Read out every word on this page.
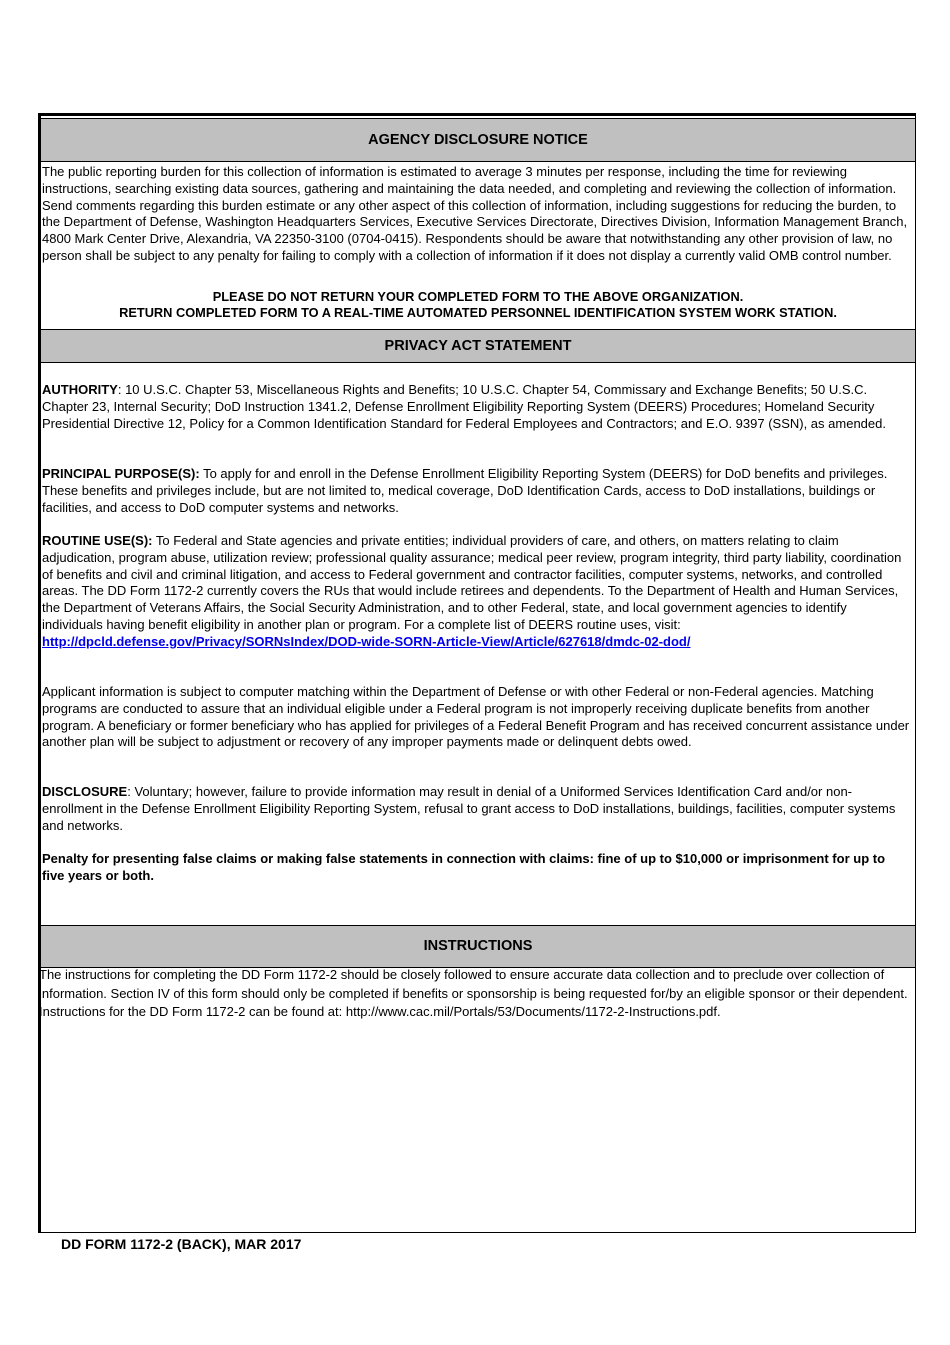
AGENCY DISCLOSURE NOTICE

The public reporting burden for this collection of information is estimated to average 3 minutes per response, including the time for reviewing instructions, searching existing data sources, gathering and maintaining the data needed, and completing and reviewing the collection of information. Send comments regarding this burden estimate or any other aspect of this collection of information, including suggestions for reducing the burden, to the Department of Defense, Washington Headquarters Services, Executive Services Directorate, Directives Division, Information Management Branch, 4800 Mark Center Drive, Alexandria, VA 22350-3100 (0704-0415). Respondents should be aware that notwithstanding any other provision of law, no person shall be subject to any penalty for failing to comply with a collection of information if it does not display a currently valid OMB control number.

PLEASE DO NOT RETURN YOUR COMPLETED FORM TO THE ABOVE ORGANIZATION.
RETURN COMPLETED FORM TO A REAL-TIME AUTOMATED PERSONNEL IDENTIFICATION SYSTEM WORK STATION.
PRIVACY ACT STATEMENT

AUTHORITY: 10 U.S.C. Chapter 53, Miscellaneous Rights and Benefits; 10 U.S.C. Chapter 54, Commissary and Exchange Benefits; 50 U.S.C. Chapter 23, Internal Security; DoD Instruction 1341.2, Defense Enrollment Eligibility Reporting System (DEERS) Procedures; Homeland Security Presidential Directive 12, Policy for a Common Identification Standard for Federal Employees and Contractors; and E.O. 9397 (SSN), as amended.

PRINCIPAL PURPOSE(S): To apply for and enroll in the Defense Enrollment Eligibility Reporting System (DEERS) for DoD benefits and privileges. These benefits and privileges include, but are not limited to, medical coverage, DoD Identification Cards, access to DoD installations, buildings or facilities, and access to DoD computer systems and networks.

ROUTINE USE(S): To Federal and State agencies and private entities; individual providers of care, and others, on matters relating to claim adjudication, program abuse, utilization review; professional quality assurance; medical peer review, program integrity, third party liability, coordination of benefits and civil and criminal litigation, and access to Federal government and contractor facilities, computer systems, networks, and controlled areas. The DD Form 1172-2 currently covers the RUs that would include retirees and dependents. To the Department of Health and Human Services, the Department of Veterans Affairs, the Social Security Administration, and to other Federal, state, and local government agencies to identify individuals having benefit eligibility in another plan or program. For a complete list of DEERS routine uses, visit: http://dpcld.defense.gov/Privacy/SORNsIndex/DOD-wide-SORN-Article-View/Article/627618/dmdc-02-dod/

Applicant information is subject to computer matching within the Department of Defense or with other Federal or non-Federal agencies. Matching programs are conducted to assure that an individual eligible under a Federal program is not improperly receiving duplicate benefits from another program. A beneficiary or former beneficiary who has applied for privileges of a Federal Benefit Program and has received concurrent assistance under another plan will be subject to adjustment or recovery of any improper payments made or delinquent debts owed.

DISCLOSURE: Voluntary; however, failure to provide information may result in denial of a Uniformed Services Identification Card and/or non-enrollment in the Defense Enrollment Eligibility Reporting System, refusal to grant access to DoD installations, buildings, facilities, computer systems and networks.

Penalty for presenting false claims or making false statements in connection with claims: fine of up to $10,000 or imprisonment for up to five years or both.

INSTRUCTIONS

The instructions for completing the DD Form 1172-2 should be closely followed to ensure accurate data collection and to preclude over collection of information. Section IV of this form should only be completed if benefits or sponsorship is being requested for/by an eligible sponsor or their dependent. Instructions for the DD Form 1172-2 can be found at: http://www.cac.mil/Portals/53/Documents/1172-2-Instructions.pdf.

DD FORM 1172-2 (BACK), MAR 2017
